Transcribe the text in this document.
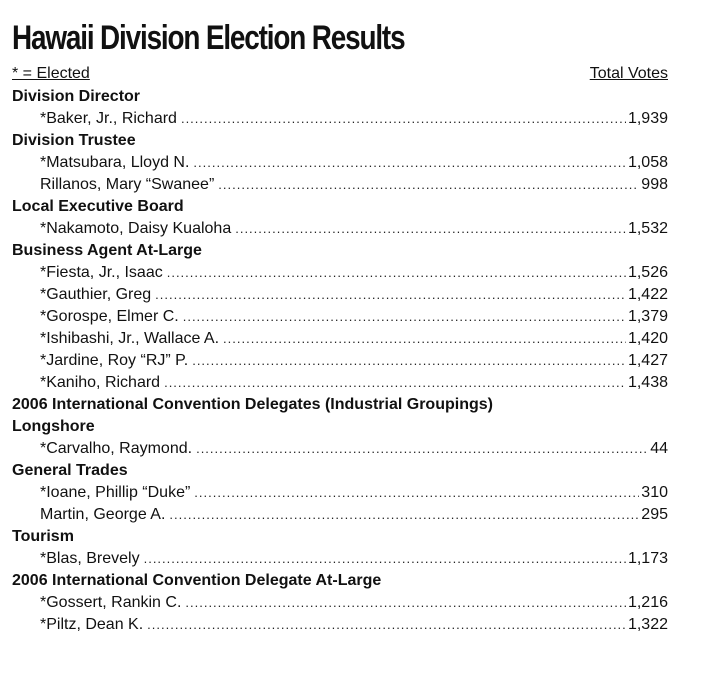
Hawaii Division Election Results
* = Elected	Total Votes
Division Director
*Baker, Jr., Richard .....	1,939
Division Trustee
*Matsubara, Lloyd N. .....	1,058
Rillanos, Mary “Swanee” .....	998
Local Executive Board
*Nakamoto, Daisy Kualoha .....	1,532
Business Agent At-Large
*Fiesta, Jr., Isaac .....	1,526
*Gauthier, Greg .....	1,422
*Gorospe, Elmer C. .....	1,379
*Ishibashi, Jr., Wallace A. .....	1,420
*Jardine, Roy “RJ” P. .....	1,427
*Kaniho, Richard .....	1,438
2006 International Convention Delegates (Industrial Groupings)
Longshore
*Carvalho, Raymond. .....	44
General Trades
*Ioane, Phillip “Duke” .....	310
Martin, George A. .....	295
Tourism
*Blas, Brevely .....	1,173
2006 International Convention Delegate At-Large
*Gossert, Rankin C. .....	1,216
*Piltz, Dean K. .....	1,322
